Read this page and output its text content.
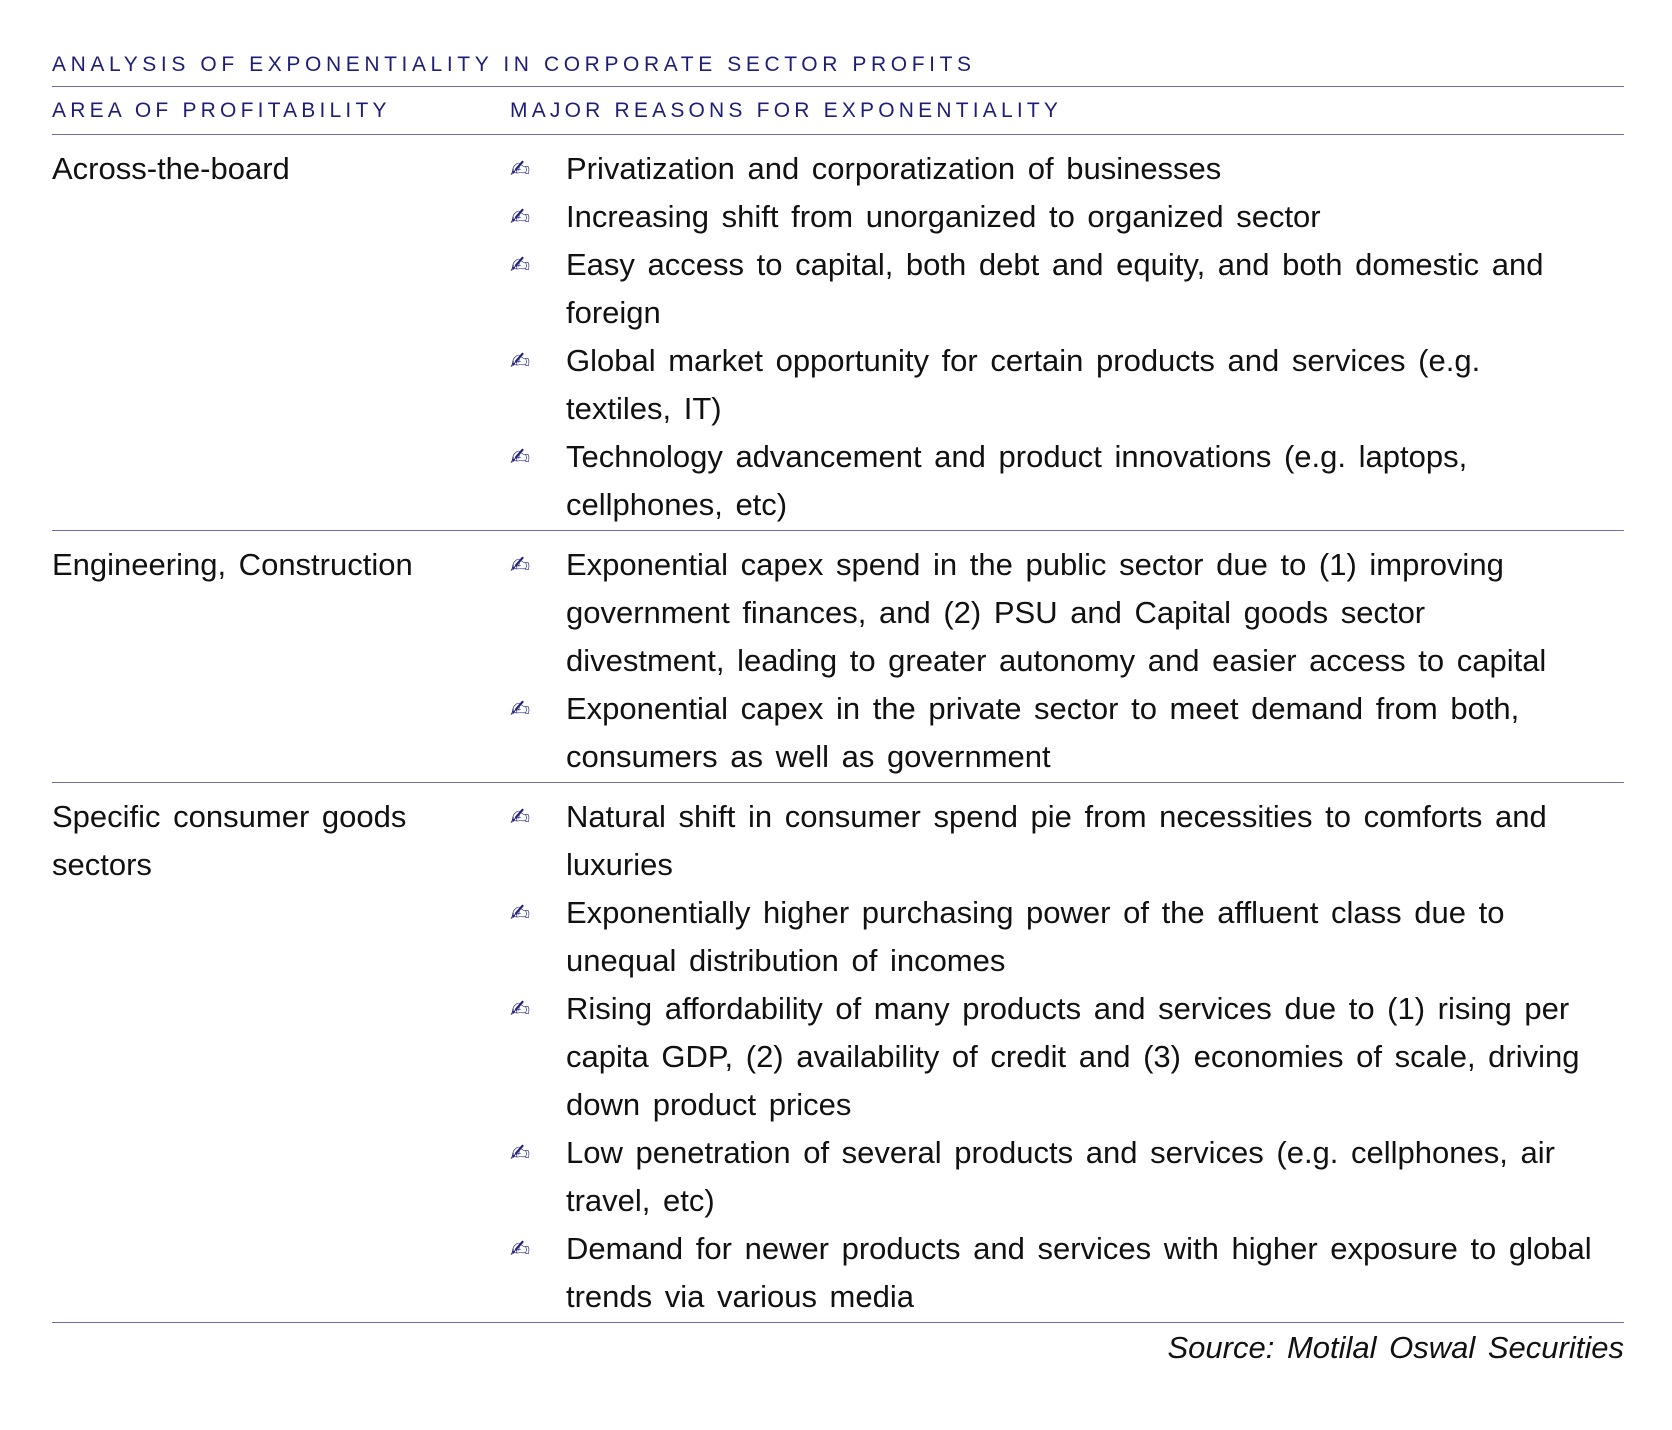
ANALYSIS OF EXPONENTIALITY IN CORPORATE SECTOR PROFITS
AREA OF PROFITABILITY	MAJOR REASONS FOR EXPONENTIALITY
Across-the-board	✍	Privatization and corporatization of businesses
✍	Increasing shift from unorganized to organized sector
✍	Easy access to capital, both debt and equity, and both domestic and foreign
✍	Global market opportunity for certain products and services (e.g. textiles, IT)
✍	Technology advancement and product innovations (e.g. laptops, cellphones, etc)
Engineering, Construction	✍	Exponential capex spend in the public sector due to (1) improving government finances, and (2) PSU and Capital goods sector divestment, leading to greater autonomy and easier access to capital
✍	Exponential capex in the private sector to meet demand from both, consumers as well as government
Specific consumer goods sectors
✍	Natural shift in consumer spend pie from necessities to comforts and luxuries
✍	Exponentially higher purchasing power of the affluent class due to unequal distribution of incomes
✍	Rising affordability of many products and services due to (1) rising per capita GDP, (2) availability of credit and (3) economies of scale, driving down product prices
✍	Low penetration of several products and services (e.g. cellphones, air travel, etc)
✍	Demand for newer products and services with higher exposure to global trends via various media
Source: Motilal Oswal Securities
